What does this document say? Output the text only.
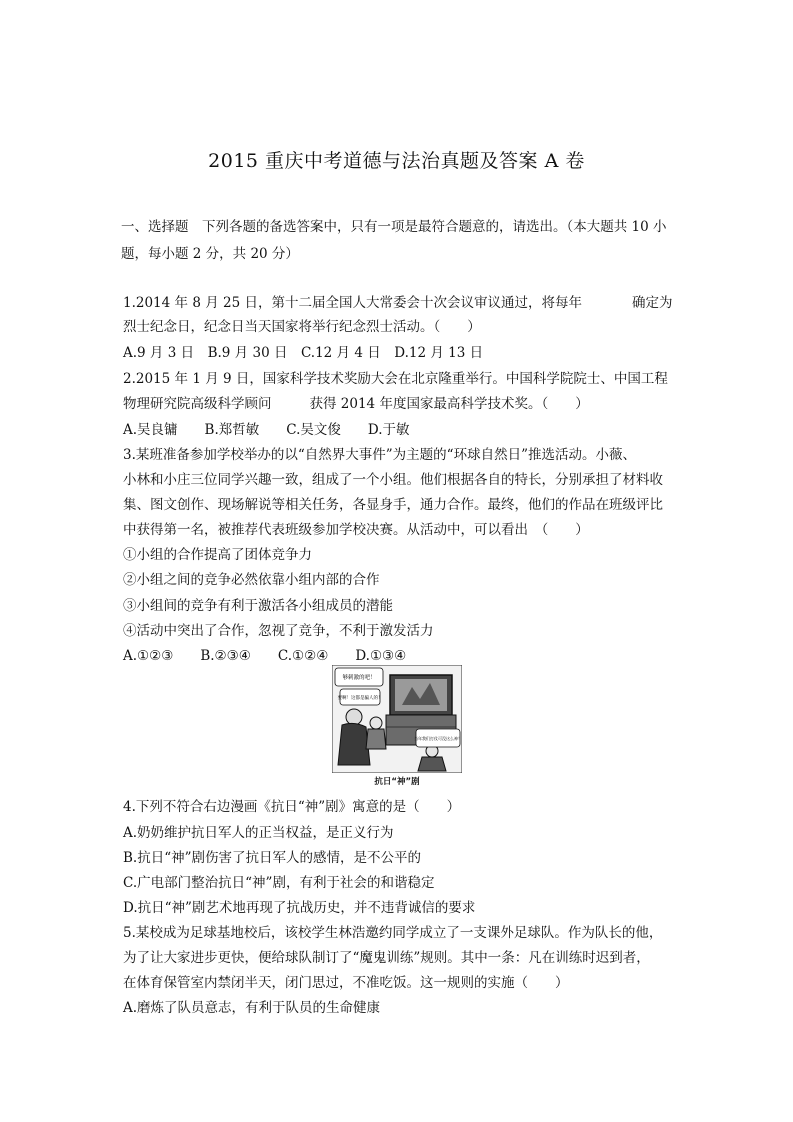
2015 重庆中考道德与法治真题及答案 A 卷
一、选择题　下列各题的备选答案中，只有一项是最符合题意的，请选出。（本大题共 10 小
题，每小题 2 分，共 20 分）
1.2014 年 8 月 25 日，第十二届全国人大常委会十次会议审议通过，将每年	确定为
烈士纪念日，纪念日当天国家将举行纪念烈士活动。（　　）
A.9 月 3 日　B.9 月 30 日　C.12 月 4 日　D.12 月 13 日
2.2015 年 1 月 9 日，国家科学技术奖励大会在北京隆重举行。中国科学院院士、中国工程
物理研究院高级科学顾问	获得 2014 年度国家最高科学技术奖。（　　）
A.吴良镛　　B.郑哲敏　　C.吴文俊　　D.于敏
3.某班准备参加学校举办的以“自然界大事件”为主题的“环球自然日”推选活动。小薇、
小林和小庄三位同学兴趣一致，组成了一个小组。他们根据各自的特长，分别承担了材料收
集、图文创作、现场解说等相关任务，各显身手，通力合作。最终，他们的作品在班级评比
中获得第一名，被推荐代表班级参加学校决赛。从活动中，可以看出　（　　）
①小组的合作提高了团体竞争力
②小组之间的竞争必然依靠小组内部的合作
③小组间的竞争有利于激活各小组成员的潜能
④活动中突出了合作，忽视了竞争，不利于激发活力
A.①②③　　B.②③④　　C.①②④　　D.①③④
够刺激的吧！
要啊！这都是骗人的！
当年我们打仗可没这么神！
抗日“神”剧
4.下列不符合右边漫画《抗日“神”剧》寓意的是（　　）
A.奶奶维护抗日军人的正当权益，是正义行为
B.抗日“神”剧伤害了抗日军人的感情，是不公平的
C.广电部门整治抗日“神”剧，有利于社会的和谐稳定
D.抗日“神”剧艺术地再现了抗战历史，并不违背诚信的要求
5.某校成为足球基地校后，该校学生林浩邀约同学成立了一支课外足球队。作为队长的他，
为了让大家进步更快，便给球队制订了“魔鬼训练”规则。其中一条：凡在训练时迟到者，
在体育保管室内禁闭半天，闭门思过，不准吃饭。这一规则的实施（　　）
A.磨炼了队员意志，有利于队员的生命健康
